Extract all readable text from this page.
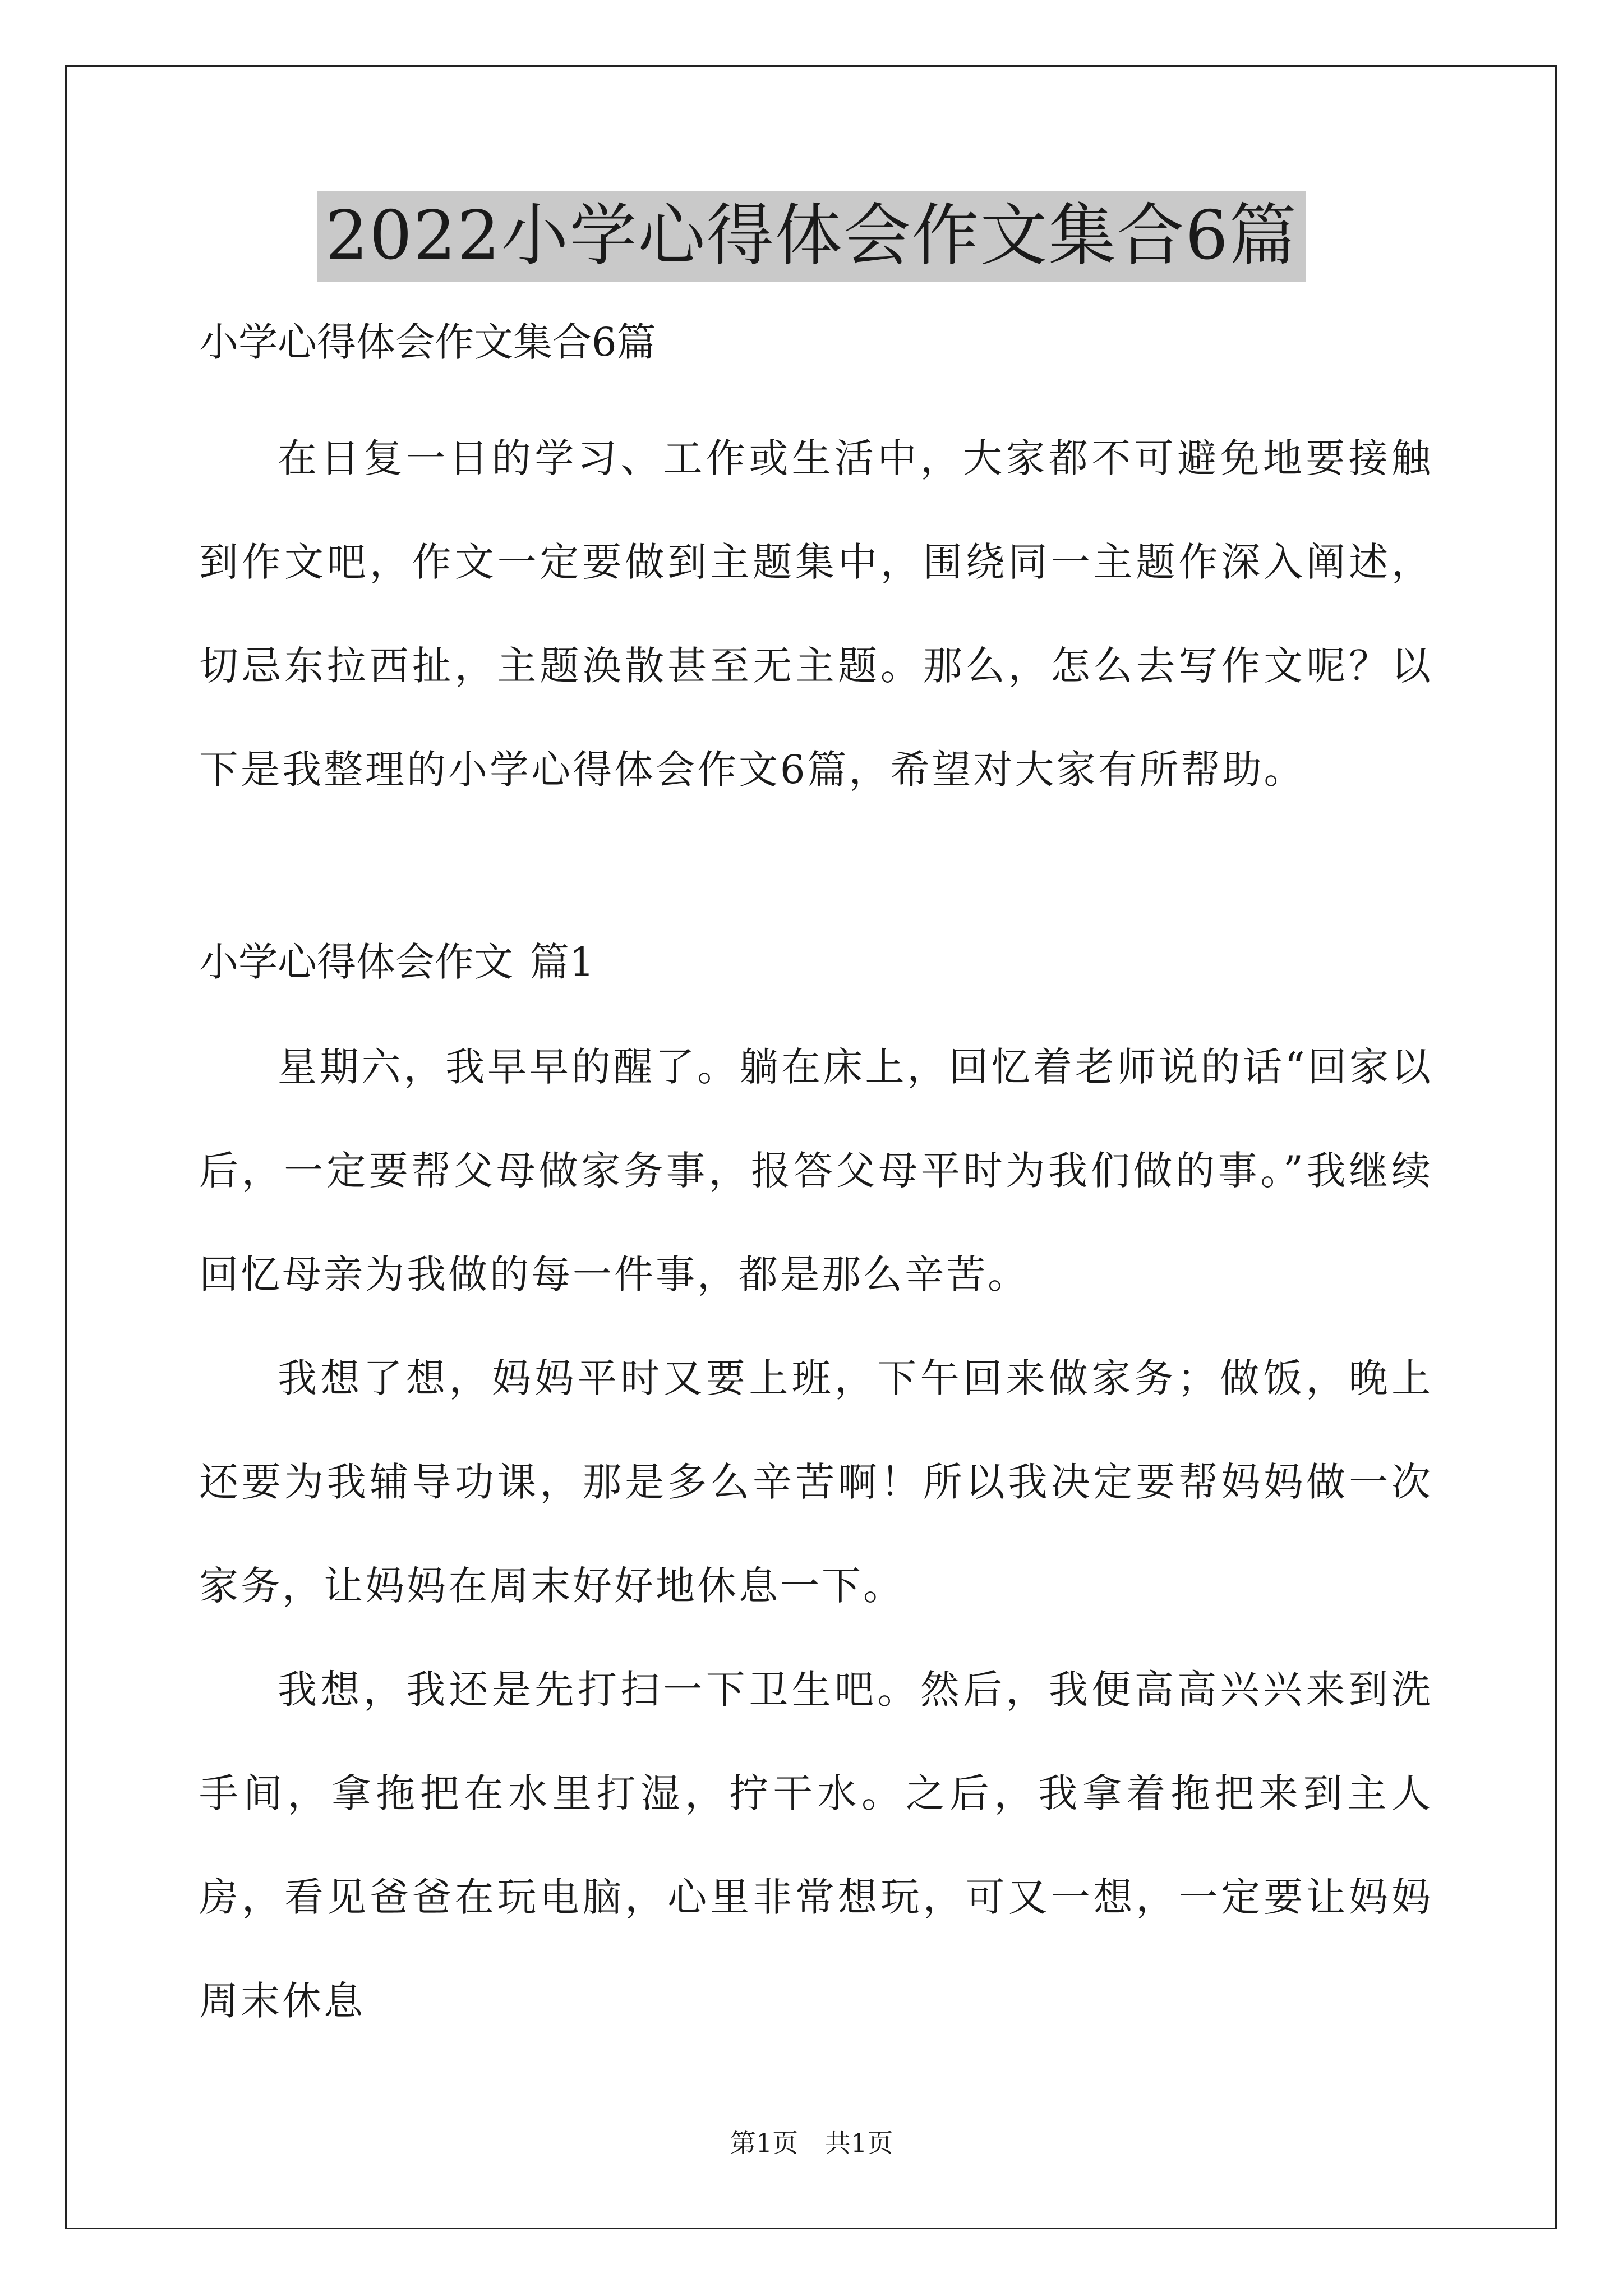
2022小学心得体会作文集合6篇
小学心得体会作文集合6篇

在日复一日的学习、工作或生活中，大家都不可避免地要接触到作文吧，作文一定要做到主题集中，围绕同一主题作深入阐述，切忌东拉西扯，主题涣散甚至无主题。那么，怎么去写作文呢？以下是我整理的小学心得体会作文6篇，希望对大家有所帮助。

小学心得体会作文 篇1

星期六，我早早的醒了。躺在床上，回忆着老师说的话“回家以后，一定要帮父母做家务事，报答父母平时为我们做的事。”我继续回忆母亲为我做的每一件事，都是那么辛苦。

我想了想，妈妈平时又要上班，下午回来做家务；做饭，晚上还要为我辅导功课，那是多么辛苦啊！所以我决定要帮妈妈做一次家务，让妈妈在周末好好地休息一下。

我想，我还是先打扫一下卫生吧。然后，我便高高兴兴来到洗手间，拿拖把在水里打湿，拧干水。之后，我拿着拖把来到主人房，看见爸爸在玩电脑，心里非常想玩，可又一想，一定要让妈妈周末休息

第1页 共1页
